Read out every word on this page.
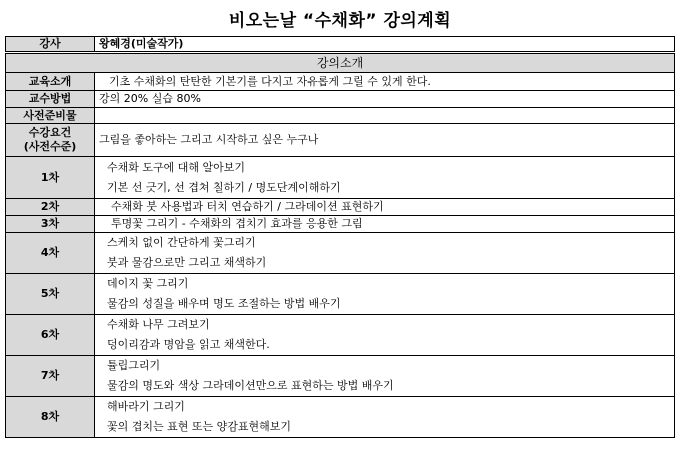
비오는날 “수채화” 강의계획
강사	왕혜경(미술작가)
강의소개	
교육소개	기초 수채화의 탄탄한 기본기를 다지고 자유롭게 그릴 수 있게 한다.
교수방법	강의 20% 실습 80%
사전준비물	

수강요건
(사전수준)	그림을 좋아하는 그리고 시작하고 싶은 누구나
1차	수채화 도구에 대해 알아보기
기본 선 긋기, 선 겹쳐 칠하기 / 명도단계이해하기

2차	수채화 붓 사용법과 터치 연습하기 / 그라데이션 표현하기
3차	투명꽃 그리기 - 수채화의 겹치기 효과를 응용한 그림
4차	스케치 없이 간단하게 꽃그리기
붓과 물감으로만 그리고 채색하기

5차	데이지 꽃 그리기
물감의 성질을 배우며 명도 조절하는 방법 배우기

6차	수채화 나무 그려보기
덩이리감과 명암을 읽고 채색한다.

7차	튤립그리기
물감의 명도와 색상 그라데이션만으로 표현하는 방법 배우기

8차	해바라기 그리기
꽃의 겹치는 표현 또는 양감표현해보기
